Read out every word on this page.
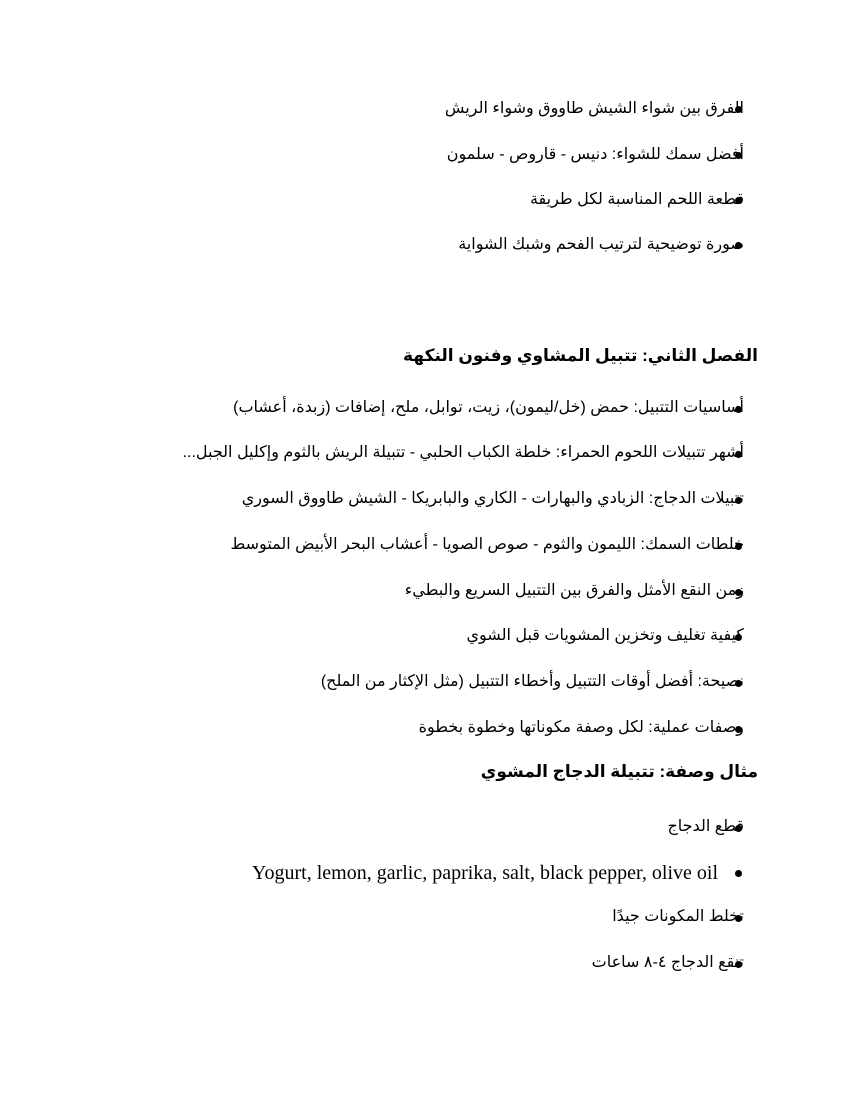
الفرق بين شواء الشيش طاووق وشواء الريش
أفضل سمك للشواء: دنيس - قاروص - سلمون
قطعة اللحم المناسبة لكل طريقة
صورة توضيحية لترتيب الفحم وشبك الشواية
الفصل الثاني: تتبيل المشاوي وفنون النكهة
أساسيات التتبيل: حمض (خل/ليمون)، زيت، توابل، ملح، إضافات (زبدة، أعشاب)
أشهر تتبيلات اللحوم الحمراء: خلطة الكباب الحلبي - تتبيلة الريش بالثوم وإكليل الجبل...
تتبيلات الدجاج: الزبادي والبهارات - الكاري والبابريكا - الشيش طاووق السوري
خلطات السمك: الليمون والثوم - صوص الصويا - أعشاب البحر الأبيض المتوسط
زمن النقع الأمثل والفرق بين التتبيل السريع والبطيء
كيفية تغليف وتخزين المشويات قبل الشوي
نصيحة: أفضل أوقات التتبيل وأخطاء التتبيل (مثل الإكثار من الملح)
وصفات عملية: لكل وصفة مكوناتها وخطوة بخطوة
مثال وصفة: تتبيلة الدجاج المشوي
قطع الدجاج
Yogurt, lemon, garlic, paprika, salt, black pepper, olive oil
تخلط المكونات جيدًا
تنقع الدجاج ٤-٨ ساعات
